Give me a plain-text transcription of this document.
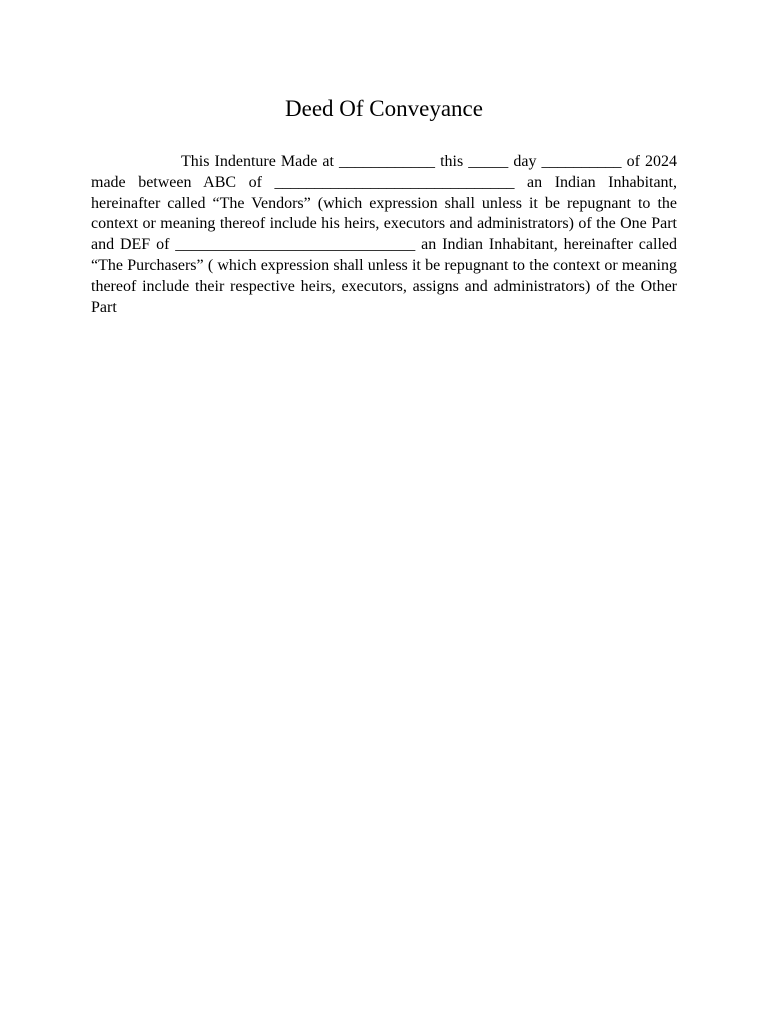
Deed Of Conveyance

This Indenture Made at ____________ this _____ day __________ of 2024 made between ABC of ______________________________ an Indian Inhabitant, hereinafter called “The Vendors” (which expression shall unless it be repugnant to the context or meaning thereof include his heirs, executors and administrators) of the One Part and DEF of ______________________________ an Indian Inhabitant, hereinafter called “The Purchasers” ( which expression shall unless it be repugnant to the context or meaning thereof include their respective heirs, executors, assigns and administrators) of the Other Part
